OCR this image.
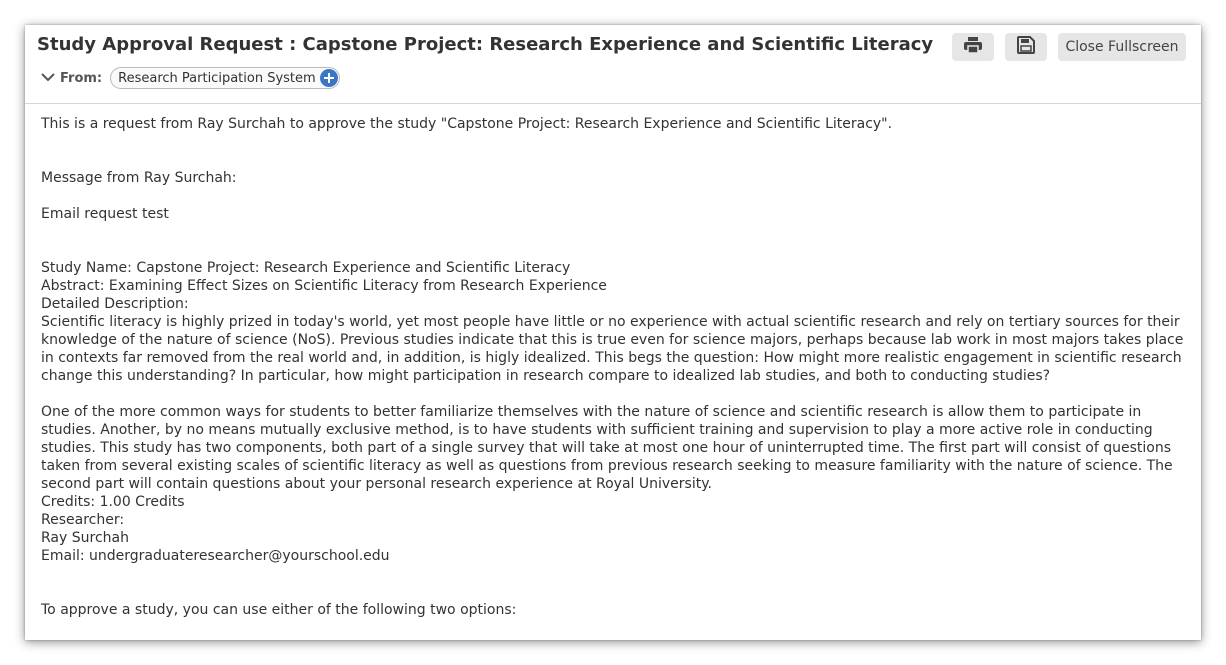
Study Approval Request : Capstone Project: Research Experience and Scientific Literacy	Close Fullscreen
From: Research Participation System

This is a request from Ray Surchah to approve the study "Capstone Project: Research Experience and Scientific Literacy".

Message from Ray Surchah:

Email request test

Study Name: Capstone Project: Research Experience and Scientific Literacy

Abstract: Examining Effect Sizes on Scientific Literacy from Research Experience

Detailed Description:

Scientific literacy is highly prized in today's world, yet most people have little or no experience with actual scientific research and rely on tertiary sources for their knowledge of the nature of science (NoS). Previous studies indicate that this is true even for science majors, perhaps because lab work in most majors takes place in contexts far removed from the real world and, in addition, is higly idealized. This begs the question: How might more realistic engagement in scientific research change this understanding? In particular, how might participation in research compare to idealized lab studies, and both to conducting studies?

One of the more common ways for students to better familiarize themselves with the nature of science and scientific research is allow them to participate in studies. Another, by no means mutually exclusive method, is to have students with sufficient training and supervision to play a more active role in conducting studies. This study has two components, both part of a single survey that will take at most one hour of uninterrupted time. The first part will consist of questions taken from several existing scales of scientific literacy as well as questions from previous research seeking to measure familiarity with the nature of science. The second part will contain questions about your personal research experience at Royal University.

Credits: 1.00 Credits

Researcher:

Ray Surchah

Email: undergraduateresearcher@yourschool.edu

To approve a study, you can use either of the following two options:
